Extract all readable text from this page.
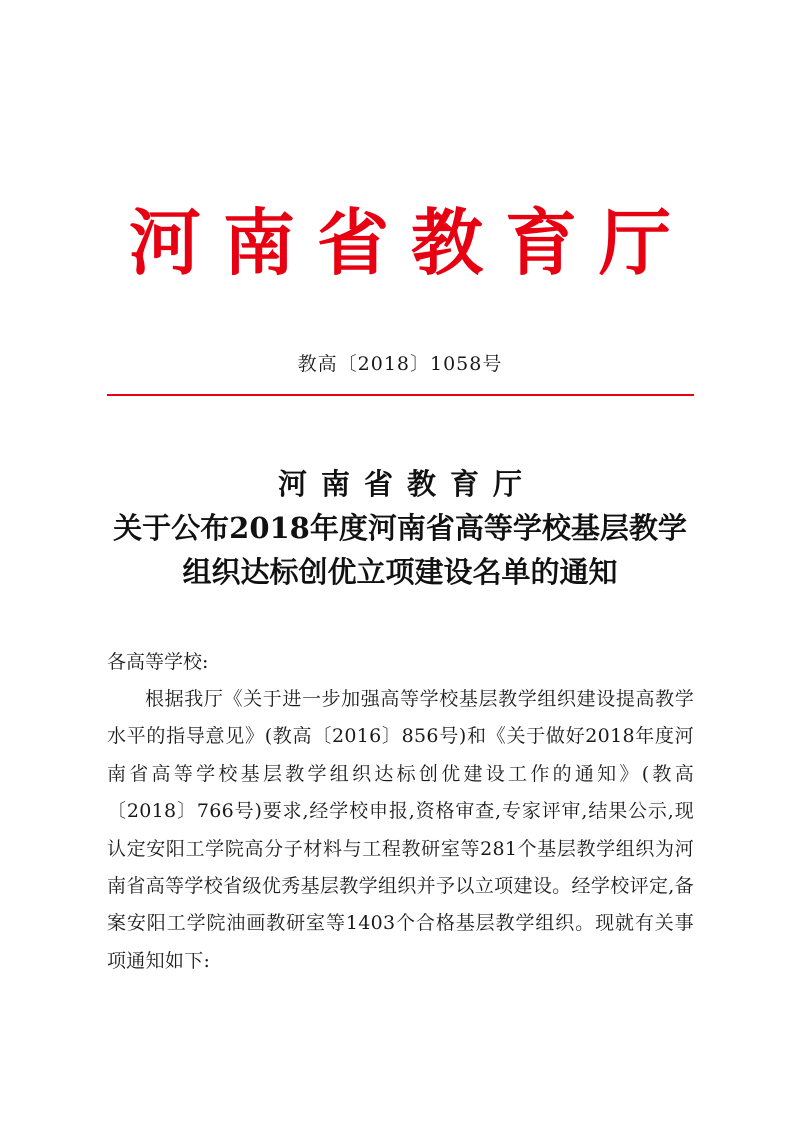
河南省教育厅
教高〔2018〕1058号
河南省教育厅
关于公布2018年度河南省高等学校基层教学
组织达标创优立项建设名单的通知
各高等学校:
根据我厅《关于进一步加强高等学校基层教学组织建设提高教学水平的指导意见》(教高〔2016〕856号)和《关于做好2018年度河南省高等学校基层教学组织达标创优建设工作的通知》(教高〔2018〕766号)要求,经学校申报,资格审查,专家评审,结果公示,现认定安阳工学院高分子材料与工程教研室等281个基层教学组织为河南省高等学校省级优秀基层教学组织并予以立项建设。经学校评定,备案安阳工学院油画教研室等1403个合格基层教学组织。现就有关事项通知如下:
